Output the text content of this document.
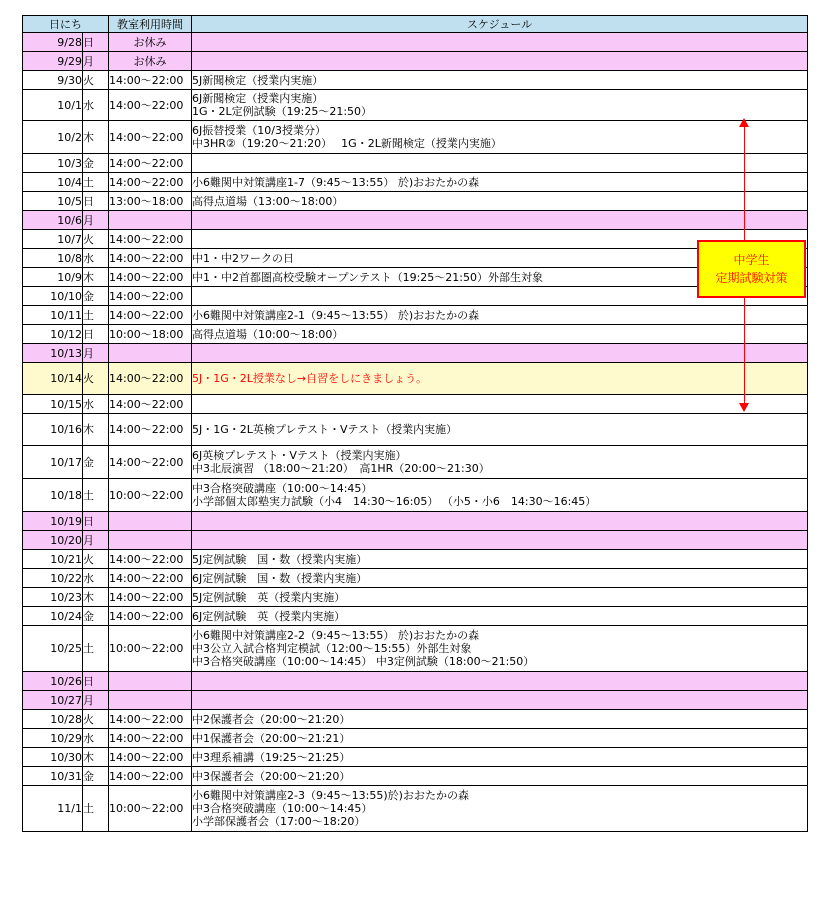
日にち		教室利用時間	スケジュール
9/28	日	お休み	
9/29	月	お休み	
9/30	火	14:00～22:00	5J新聞検定（授業内実施）

10/1	水	14:00～22:00	6J新聞検定（授業内実施）
1G・2L定例試験（19:25～21:50）

10/2	木	14:00～22:00	6J振替授業（10/3授業分）
中3HR②（19:20～21:20）　 1G・2L新聞検定（授業内実施）

10/3	金	14:00～22:00	
10/4	土	14:00～22:00	小6難関中対策講座1-7（9:45～13:55） 於)おおたかの森

10/5	日	13:00～18:00	高得点道場（13:00～18:00）

10/6	月		
10/7	火	14:00～22:00	
10/8	水	14:00～22:00	中1・中2ワークの日

10/9	木	14:00～22:00	中1・中2首都圏高校受験オープンテスト（19:25～21:50）外部生対象

10/10	金	14:00～22:00	
10/11	土	14:00～22:00	小6難関中対策講座2-1（9:45～13:55） 於)おおたかの森

10/12	日	10:00～18:00	高得点道場（10:00～18:00）

10/13	月		
10/14	火	14:00～22:00	5J・1G・2L授業なし→自習をしにきましょう。

10/15	水	14:00～22:00	
10/16	木	14:00～22:00	5J・1G・2L英検プレテスト・Vテスト（授業内実施）

10/17	金	14:00～22:00	6J英検プレテスト・Vテスト（授業内実施）
中3北辰演習 （18:00～21:20）　高1HR（20:00～21:30）

10/18	土	10:00～22:00	中3合格突破講座（10:00～14:45）
小学部個太郎塾実力試験（小4　14:30～16:05） （小5・小6　14:30～16:45）

10/19	日		
10/20	月		
10/21	火	14:00～22:00	5J定例試験　国・数（授業内実施）

10/22	水	14:00～22:00	6J定例試験　国・数（授業内実施）

10/23	木	14:00～22:00	5J定例試験　英（授業内実施）

10/24	金	14:00～22:00	6J定例試験　英（授業内実施）

10/25	土	10:00～22:00	小6難関中対策講座2-2（9:45～13:55） 於)おおたかの森
中3公立入試合格判定模試（12:00～15:55）外部生対象
中3合格突破講座（10:00～14:45） 中3定例試験（18:00～21:50）

10/26	日		
10/27	月		
10/28	火	14:00～22:00	中2保護者会（20:00～21:20）

10/29	水	14:00～22:00	中1保護者会（20:00～21:21）

10/30	木	14:00～22:00	中3理系補講（19:25～21:25）

10/31	金	14:00～22:00	中3保護者会（20:00～21:20）

11/1	土	10:00～22:00	小6難関中対策講座2-3（9:45～13:55)於)おおたかの森
中3合格突破講座（10:00～14:45）
小学部保護者会（17:00～18:20）
中学生
定期試験対策
